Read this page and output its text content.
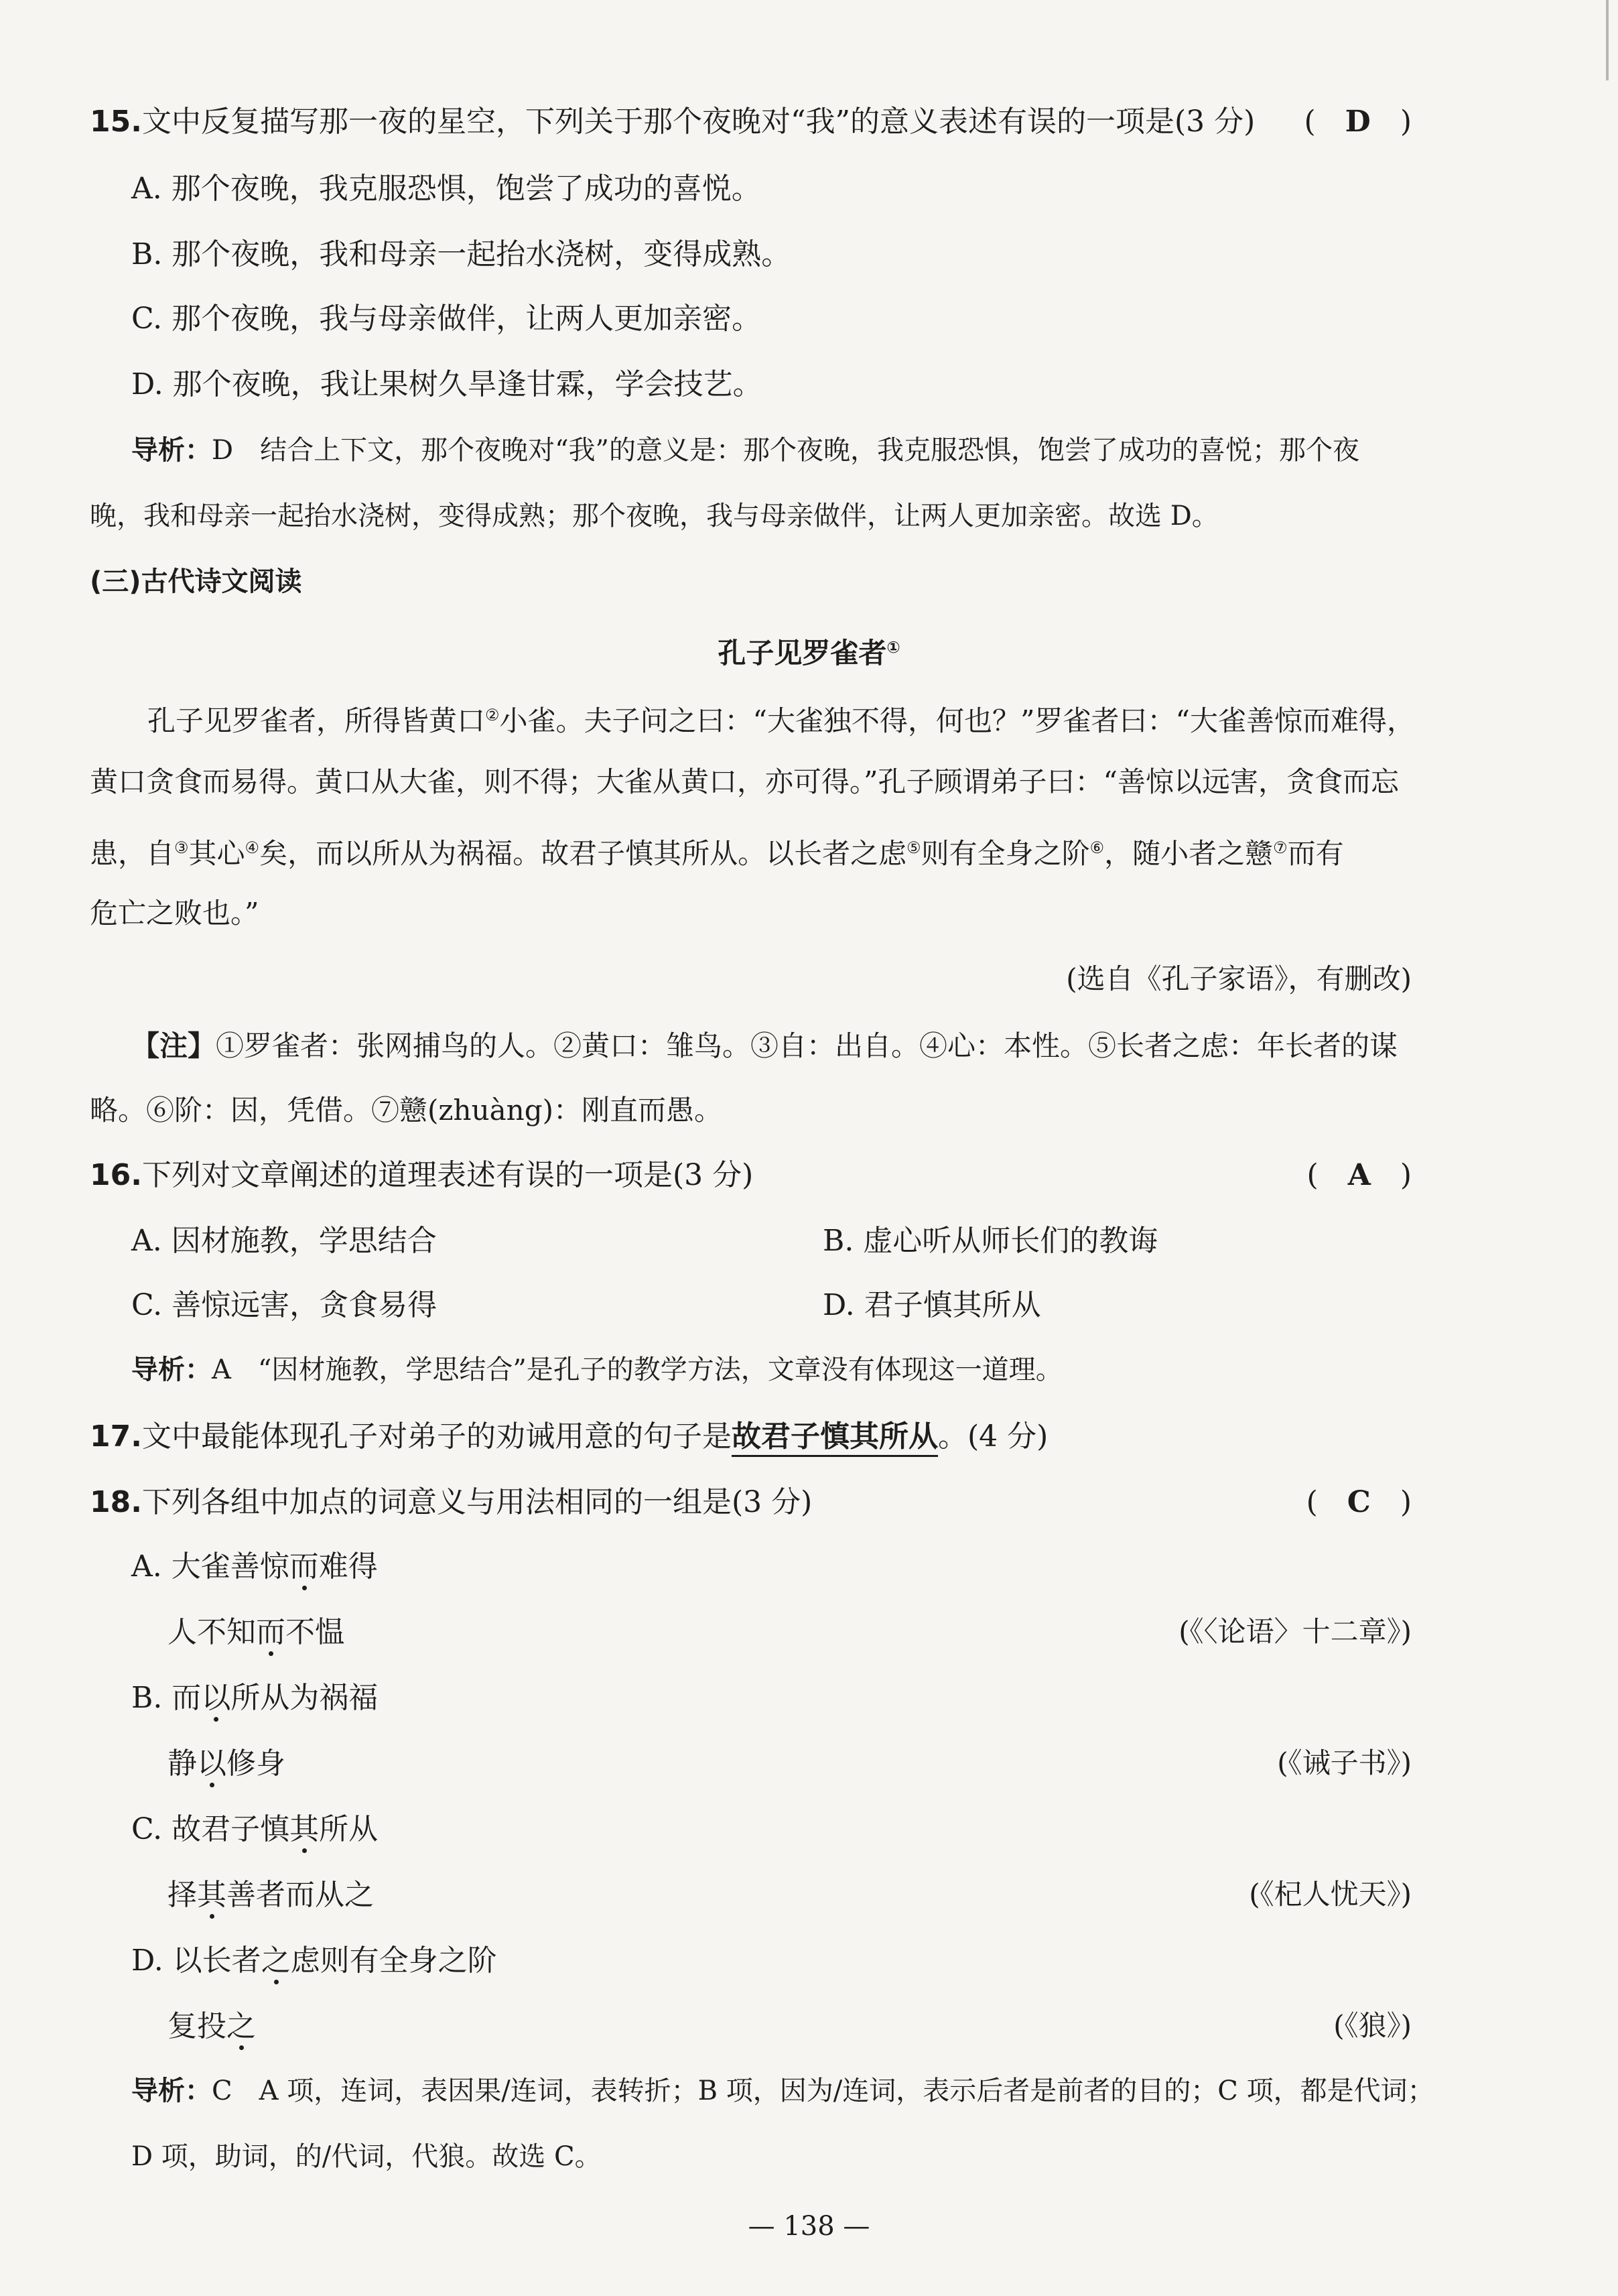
15.文中反复描写那一夜的星空，下列关于那个夜晚对“我”的意义表述有误的一项是(3 分) (　D　)
A. 那个夜晚，我克服恐惧，饱尝了成功的喜悦。
B. 那个夜晚，我和母亲一起抬水浇树，变得成熟。
C. 那个夜晚，我与母亲做伴，让两人更加亲密。
D. 那个夜晚，我让果树久旱逢甘霖，学会技艺。
导析：D　结合上下文，那个夜晚对“我”的意义是：那个夜晚，我克服恐惧，饱尝了成功的喜悦；那个夜
晚，我和母亲一起抬水浇树，变得成熟；那个夜晚，我与母亲做伴，让两人更加亲密。故选 D。
(三)古代诗文阅读
孔子见罗雀者①
孔子见罗雀者，所得皆黄口②小雀。夫子问之曰：“大雀独不得，何也？”罗雀者曰：“大雀善惊而难得，
黄口贪食而易得。黄口从大雀，则不得；大雀从黄口，亦可得。”孔子顾谓弟子曰：“善惊以远害，贪食而忘
患，自③其心④矣，而以所从为祸福。故君子慎其所从。以长者之虑⑤则有全身之阶⑥，随小者之戆⑦而有
危亡之败也。”
(选自《孔子家语》，有删改)
【注】①罗雀者：张网捕鸟的人。②黄口：雏鸟。③自：出自。④心：本性。⑤长者之虑：年长者的谋
略。⑥阶：因，凭借。⑦戆(zhuàng)：刚直而愚。
16.下列对文章阐述的道理表述有误的一项是(3 分)	(　A　)
A. 因材施教，学思结合	B. 虚心听从师长们的教诲
C. 善惊远害，贪食易得	D. 君子慎其所从
导析：A　“因材施教，学思结合”是孔子的教学方法，文章没有体现这一道理。
17.文中最能体现孔子对弟子的劝诫用意的句子是故君子慎其所从。(4 分)
18.下列各组中加点的词意义与用法相同的一组是(3 分)	(　C　)
A. 大雀善惊而难得
人不知而不愠	(《〈论语〉十二章》)
B. 而以所从为祸福
静以修身	(《诫子书》)
C. 故君子慎其所从
择其善者而从之	(《杞人忧天》)
D. 以长者之虑则有全身之阶
复投之	(《狼》)
导析：C　A 项，连词，表因果/连词，表转折；B 项，因为/连词，表示后者是前者的目的；C 项，都是代词；
D 项，助词，的/代词，代狼。故选 C。
— 138 —
